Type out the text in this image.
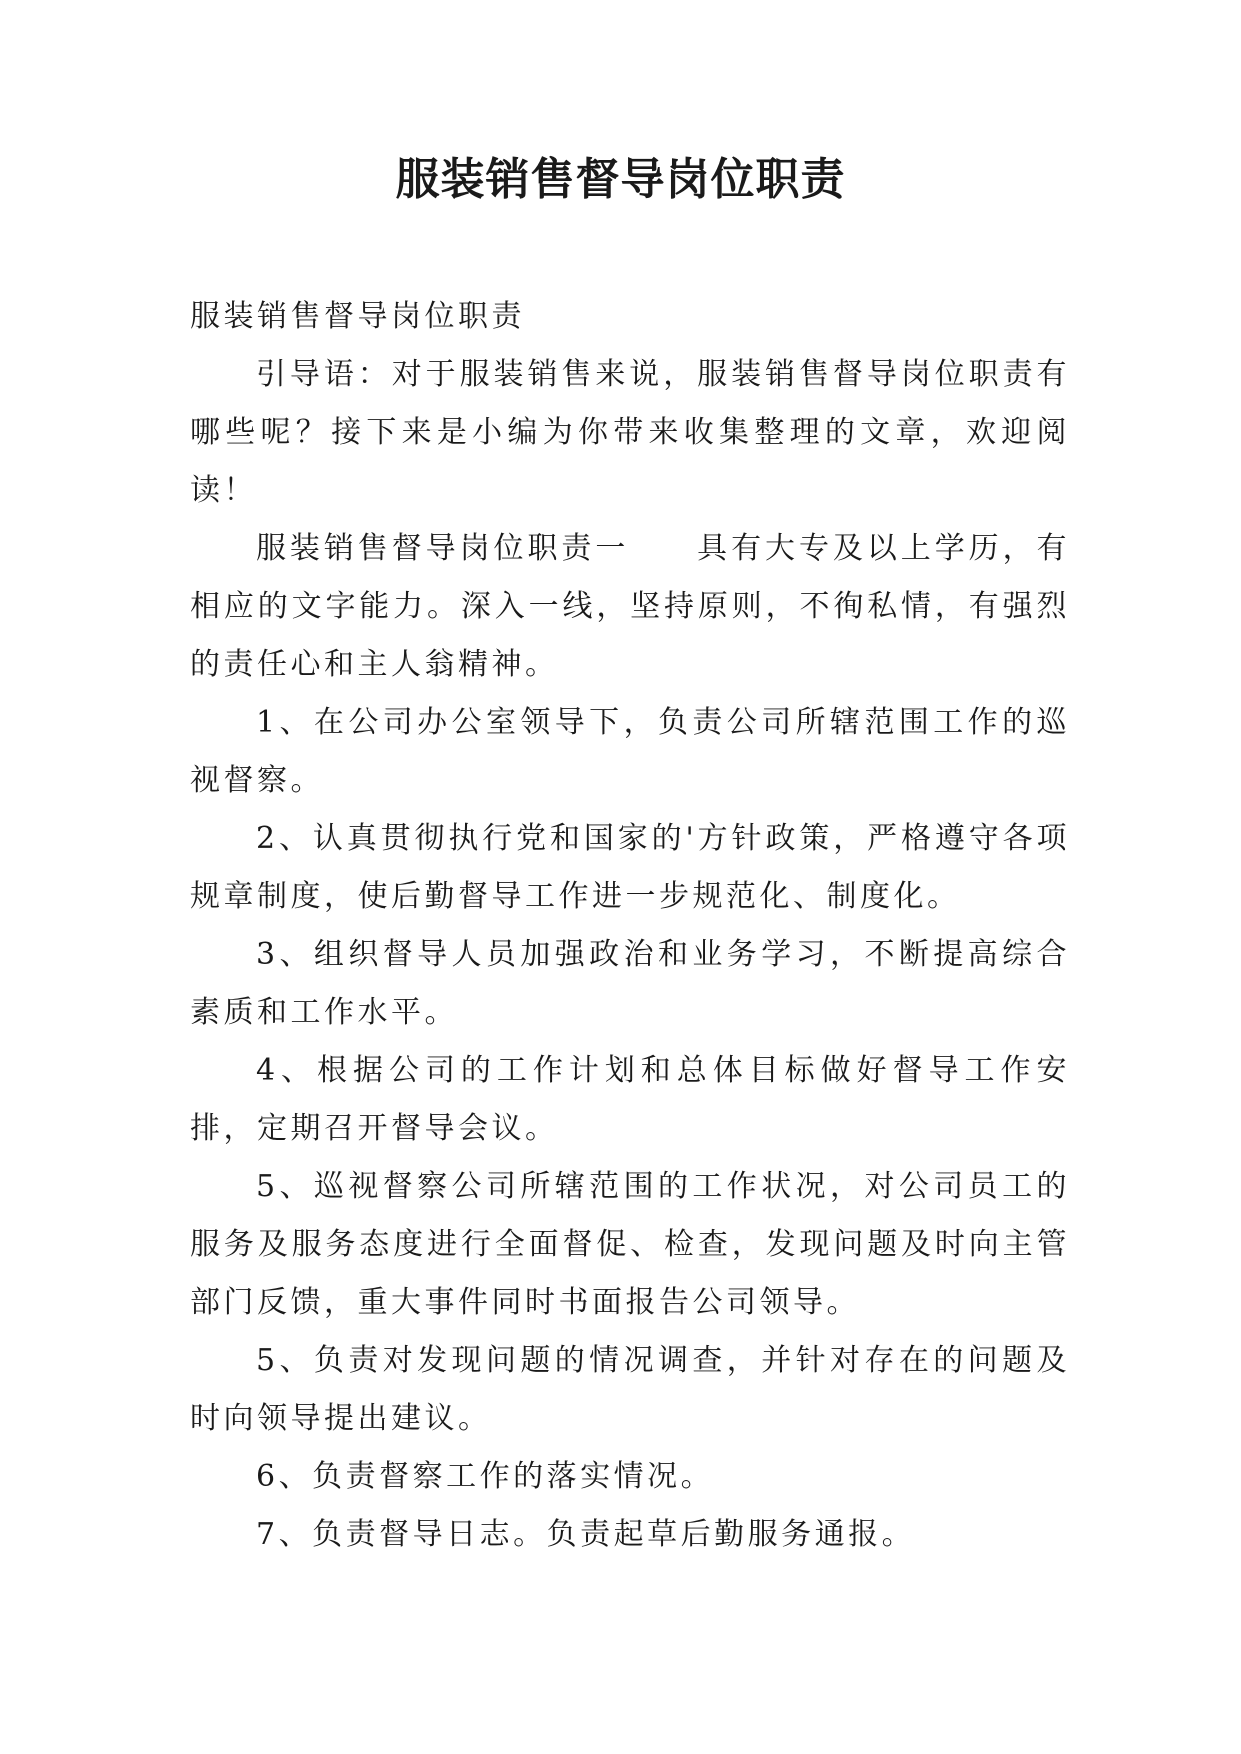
服装销售督导岗位职责

服装销售督导岗位职责

引导语：对于服装销售来说，服装销售督导岗位职责有哪些呢？接下来是小编为你带来收集整理的文章，欢迎阅读！

服装销售督导岗位职责一　　具有大专及以上学历，有相应的文字能力。深入一线，坚持原则，不徇私情，有强烈的责任心和主人翁精神。

1、在公司办公室领导下，负责公司所辖范围工作的巡视督察。

2、认真贯彻执行党和国家的'方针政策，严格遵守各项规章制度，使后勤督导工作进一步规范化、制度化。

3、组织督导人员加强政治和业务学习，不断提高综合素质和工作水平。

4、根据公司的工作计划和总体目标做好督导工作安排，定期召开督导会议。

5、巡视督察公司所辖范围的工作状况，对公司员工的服务及服务态度进行全面督促、检查，发现问题及时向主管部门反馈，重大事件同时书面报告公司领导。

5、负责对发现问题的情况调查，并针对存在的问题及时向领导提出建议。

6、负责督察工作的落实情况。

7、负责督导日志。负责起草后勤服务通报。
